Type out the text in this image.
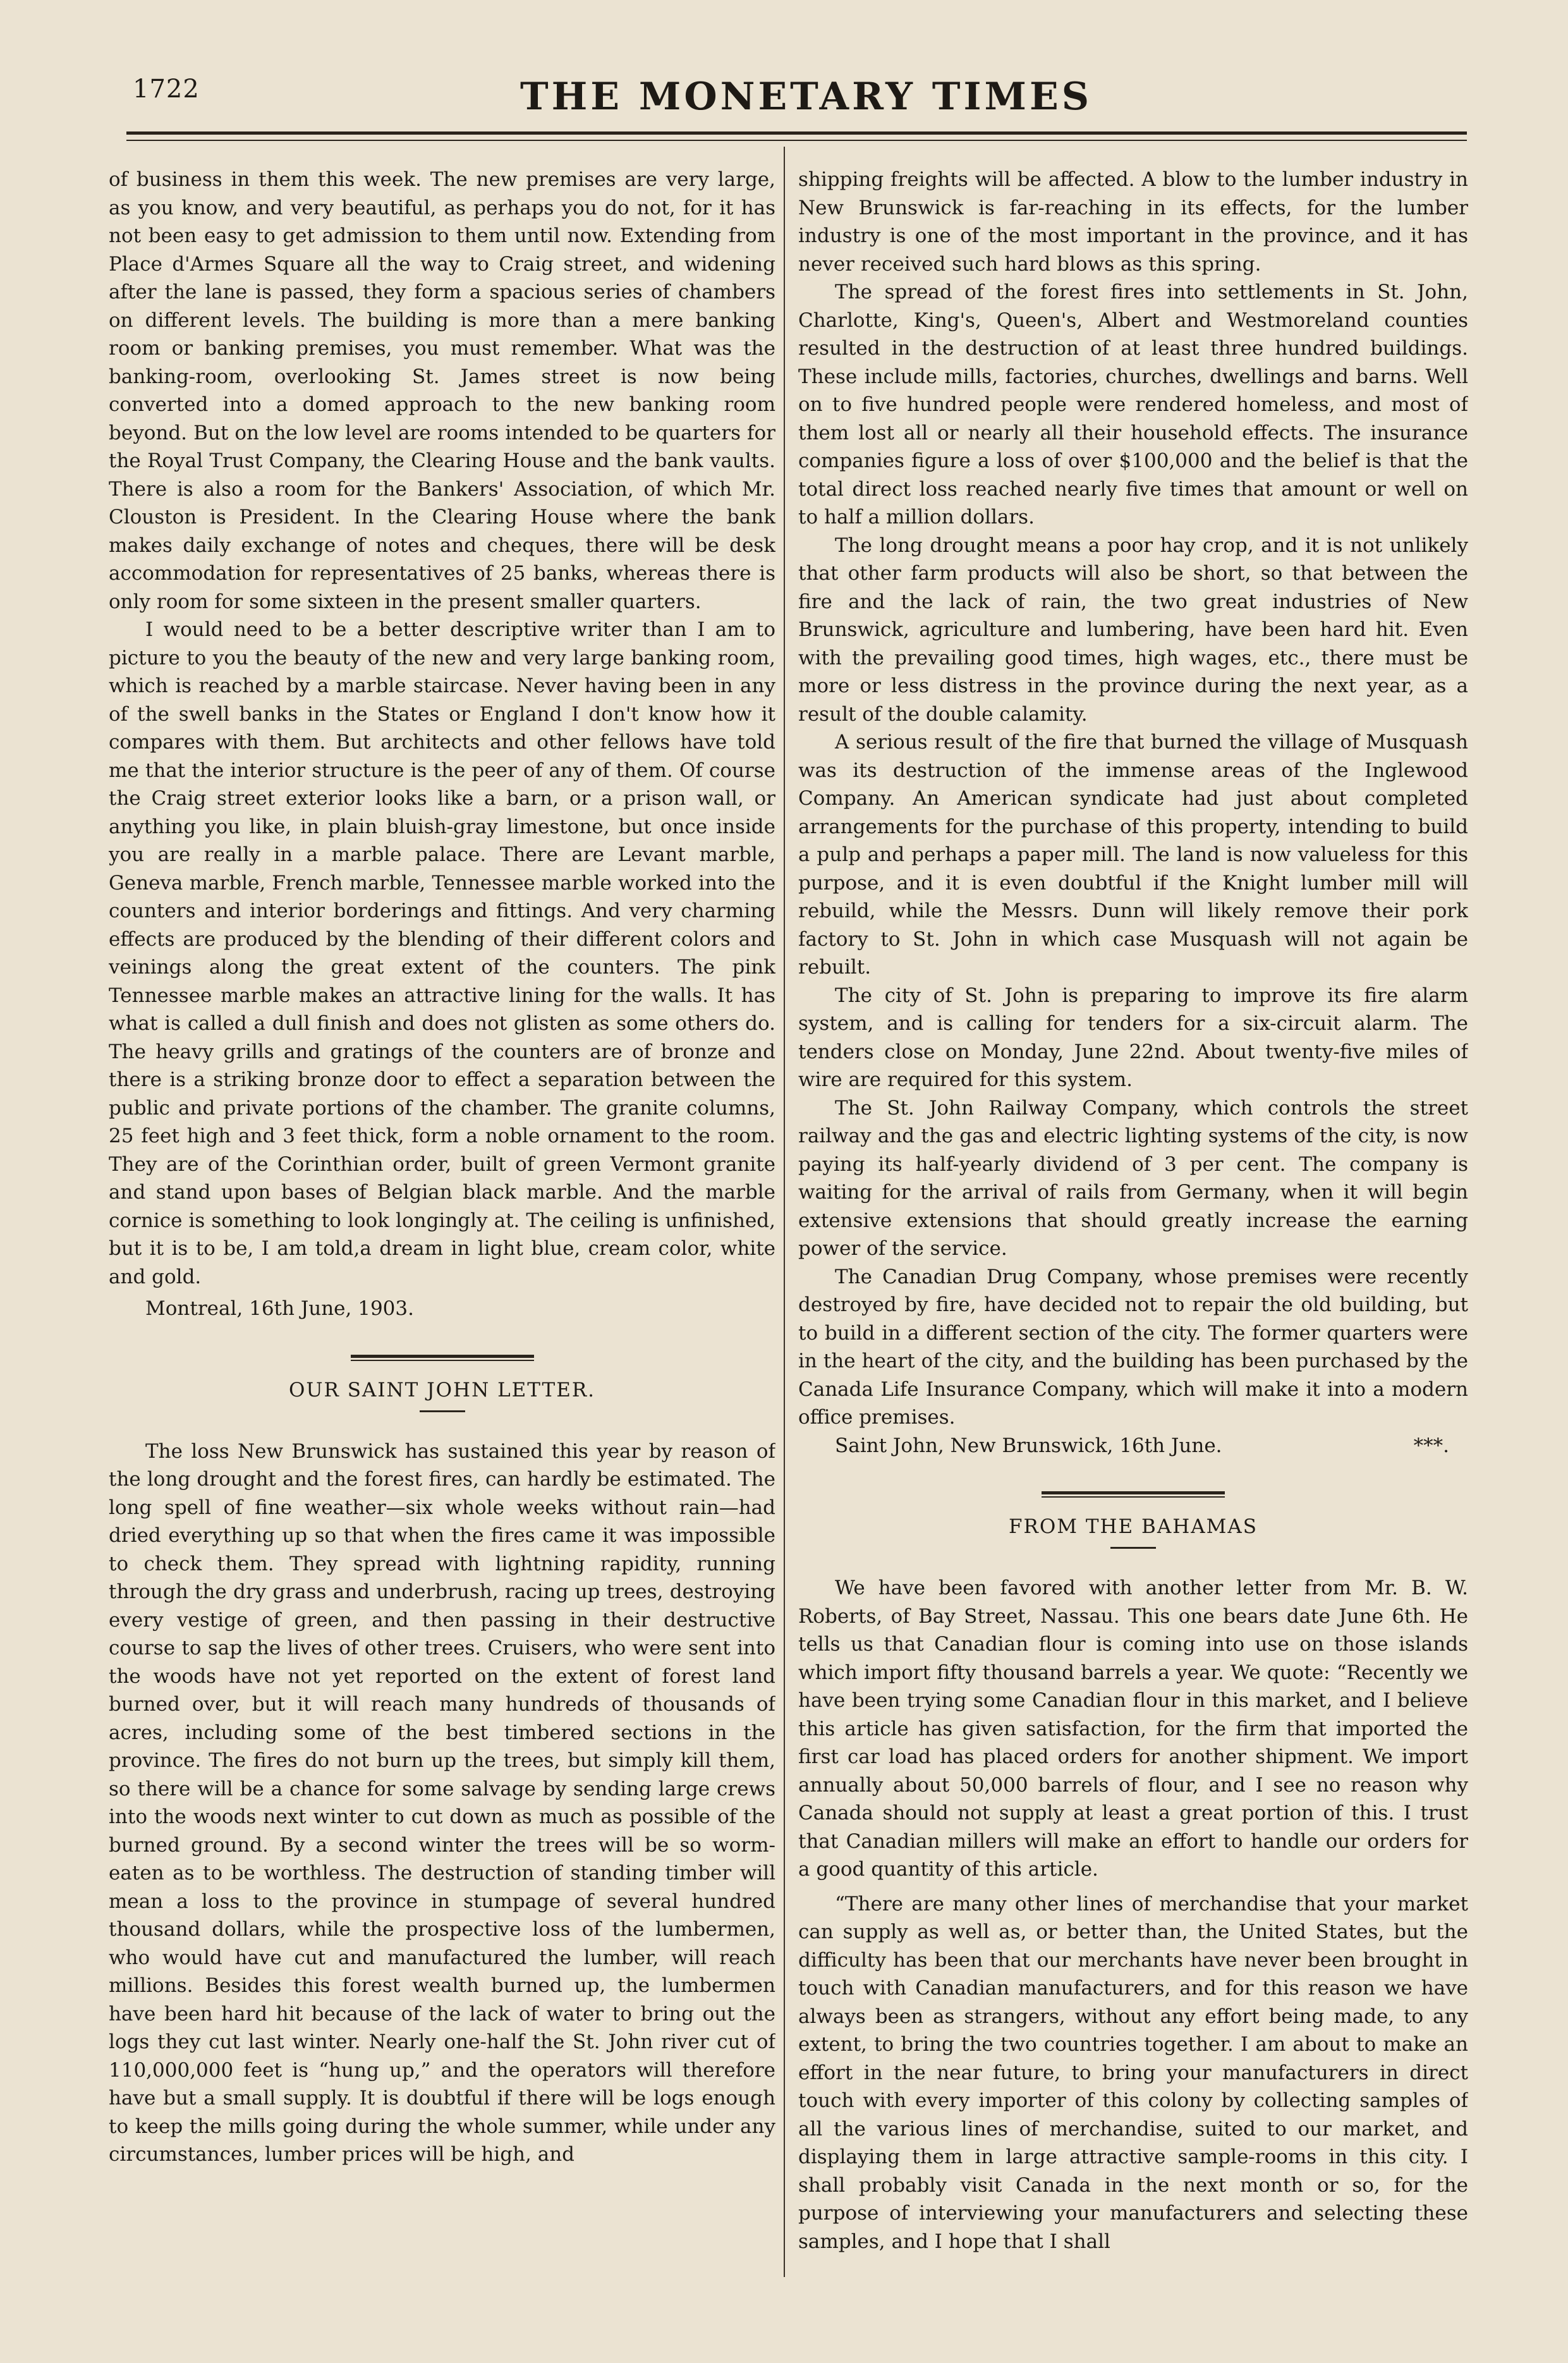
1722	THE MONETARY TIMES

of business in them this week. The new premises are very large, as you know, and very beautiful, as perhaps you do not, for it has not been easy to get admission to them until now. Extending from Place d'Armes Square all the way to Craig street, and widening after the lane is passed, they form a spacious series of chambers on different levels. The building is more than a mere banking room or banking premises, you must remember. What was the banking-room, overlooking St. James street is now being converted into a domed approach to the new banking room beyond. But on the low level are rooms intended to be quarters for the Royal Trust Company, the Clearing House and the bank vaults. There is also a room for the Bankers' Association, of which Mr. Clouston is President. In the Clearing House where the bank makes daily exchange of notes and cheques, there will be desk accommodation for representatives of 25 banks, whereas there is only room for some sixteen in the present smaller quarters.

I would need to be a better descriptive writer than I am to picture to you the beauty of the new and very large banking room, which is reached by a marble staircase. Never having been in any of the swell banks in the States or England I don't know how it compares with them. But architects and other fellows have told me that the interior structure is the peer of any of them. Of course the Craig street exterior looks like a barn, or a prison wall, or anything you like, in plain bluish-gray limestone, but once inside you are really in a marble palace. There are Levant marble, Geneva marble, French marble, Tennessee marble worked into the counters and interior borderings and fittings. And very charming effects are produced by the blending of their different colors and veinings along the great extent of the counters. The pink Tennessee marble makes an attractive lining for the walls. It has what is called a dull finish and does not glisten as some others do. The heavy grills and gratings of the counters are of bronze and there is a striking bronze door to effect a separation between the public and private portions of the chamber. The granite columns, 25 feet high and 3 feet thick, form a noble ornament to the room. They are of the Corinthian order, built of green Vermont granite and stand upon bases of Belgian black marble. And the marble cornice is something to look longingly at. The ceiling is unfinished, but it is to be, I am told,a dream in light blue, cream color, white and gold.

Montreal, 16th June, 1903.

OUR SAINT JOHN LETTER.

The loss New Brunswick has sustained this year by reason of the long drought and the forest fires, can hardly be estimated. The long spell of fine weather—six whole weeks without rain—had dried everything up so that when the fires came it was impossible to check them. They spread with lightning rapidity, running through the dry grass and underbrush, racing up trees, destroying every vestige of green, and then passing in their destructive course to sap the lives of other trees. Cruisers, who were sent into the woods have not yet reported on the extent of forest land burned over, but it will reach many hundreds of thousands of acres, including some of the best timbered sections in the province. The fires do not burn up the trees, but simply kill them, so there will be a chance for some salvage by sending large crews into the woods next winter to cut down as much as possible of the burned ground. By a second winter the trees will be so worm-eaten as to be worthless. The destruction of standing timber will mean a loss to the province in stumpage of several hundred thousand dollars, while the prospective loss of the lumbermen, who would have cut and manufactured the lumber, will reach millions. Besides this forest wealth burned up, the lumbermen have been hard hit because of the lack of water to bring out the logs they cut last winter. Nearly one-half the St. John river cut of 110,000,000 feet is “hung up,” and the operators will therefore have but a small supply. It is doubtful if there will be logs enough to keep the mills going during the whole summer, while under any circumstances, lumber prices will be high, and

shipping freights will be affected. A blow to the lumber industry in New Brunswick is far-reaching in its effects, for the lumber industry is one of the most important in the province, and it has never received such hard blows as this spring.

The spread of the forest fires into settlements in St. John, Charlotte, King's, Queen's, Albert and Westmoreland counties resulted in the destruction of at least three hundred buildings. These include mills, factories, churches, dwellings and barns. Well on to five hundred people were rendered homeless, and most of them lost all or nearly all their household effects. The insurance companies figure a loss of over $100,000 and the belief is that the total direct loss reached nearly five times that amount or well on to half a million dollars.

The long drought means a poor hay crop, and it is not unlikely that other farm products will also be short, so that between the fire and the lack of rain, the two great industries of New Brunswick, agriculture and lumbering, have been hard hit. Even with the prevailing good times, high wages, etc., there must be more or less distress in the province during the next year, as a result of the double calamity.

A serious result of the fire that burned the village of Musquash was its destruction of the immense areas of the Inglewood Company. An American syndicate had just about completed arrangements for the purchase of this property, intending to build a pulp and perhaps a paper mill. The land is now valueless for this purpose, and it is even doubtful if the Knight lumber mill will rebuild, while the Messrs. Dunn will likely remove their pork factory to St. John in which case Musquash will not again be rebuilt.

The city of St. John is preparing to improve its fire alarm system, and is calling for tenders for a six-circuit alarm. The tenders close on Monday, June 22nd. About twenty-five miles of wire are required for this system.

The St. John Railway Company, which controls the street railway and the gas and electric lighting systems of the city, is now paying its half-yearly dividend of 3 per cent. The company is waiting for the arrival of rails from Germany, when it will begin extensive extensions that should greatly increase the earning power of the service.

The Canadian Drug Company, whose premises were recently destroyed by fire, have decided not to repair the old building, but to build in a different section of the city. The former quarters were in the heart of the city, and the building has been purchased by the Canada Life Insurance Company, which will make it into a modern office premises.

Saint John, New Brunswick, 16th June.	***.

FROM THE BAHAMAS

We have been favored with another letter from Mr. B. W. Roberts, of Bay Street, Nassau. This one bears date June 6th. He tells us that Canadian flour is coming into use on those islands which import fifty thousand barrels a year. We quote: “Recently we have been trying some Canadian flour in this market, and I believe this article has given satisfaction, for the firm that imported the first car load has placed orders for another shipment. We import annually about 50,000 barrels of flour, and I see no reason why Canada should not supply at least a great portion of this. I trust that Canadian millers will make an effort to handle our orders for a good quantity of this article.

“There are many other lines of merchandise that your market can supply as well as, or better than, the United States, but the difficulty has been that our merchants have never been brought in touch with Canadian manufacturers, and for this reason we have always been as strangers, without any effort being made, to any extent, to bring the two countries together. I am about to make an effort in the near future, to bring your manufacturers in direct touch with every importer of this colony by collecting samples of all the various lines of merchandise, suited to our market, and displaying them in large attractive sample-rooms in this city. I shall probably visit Canada in the next month or so, for the purpose of interviewing your manufacturers and selecting these samples, and I hope that I shall
